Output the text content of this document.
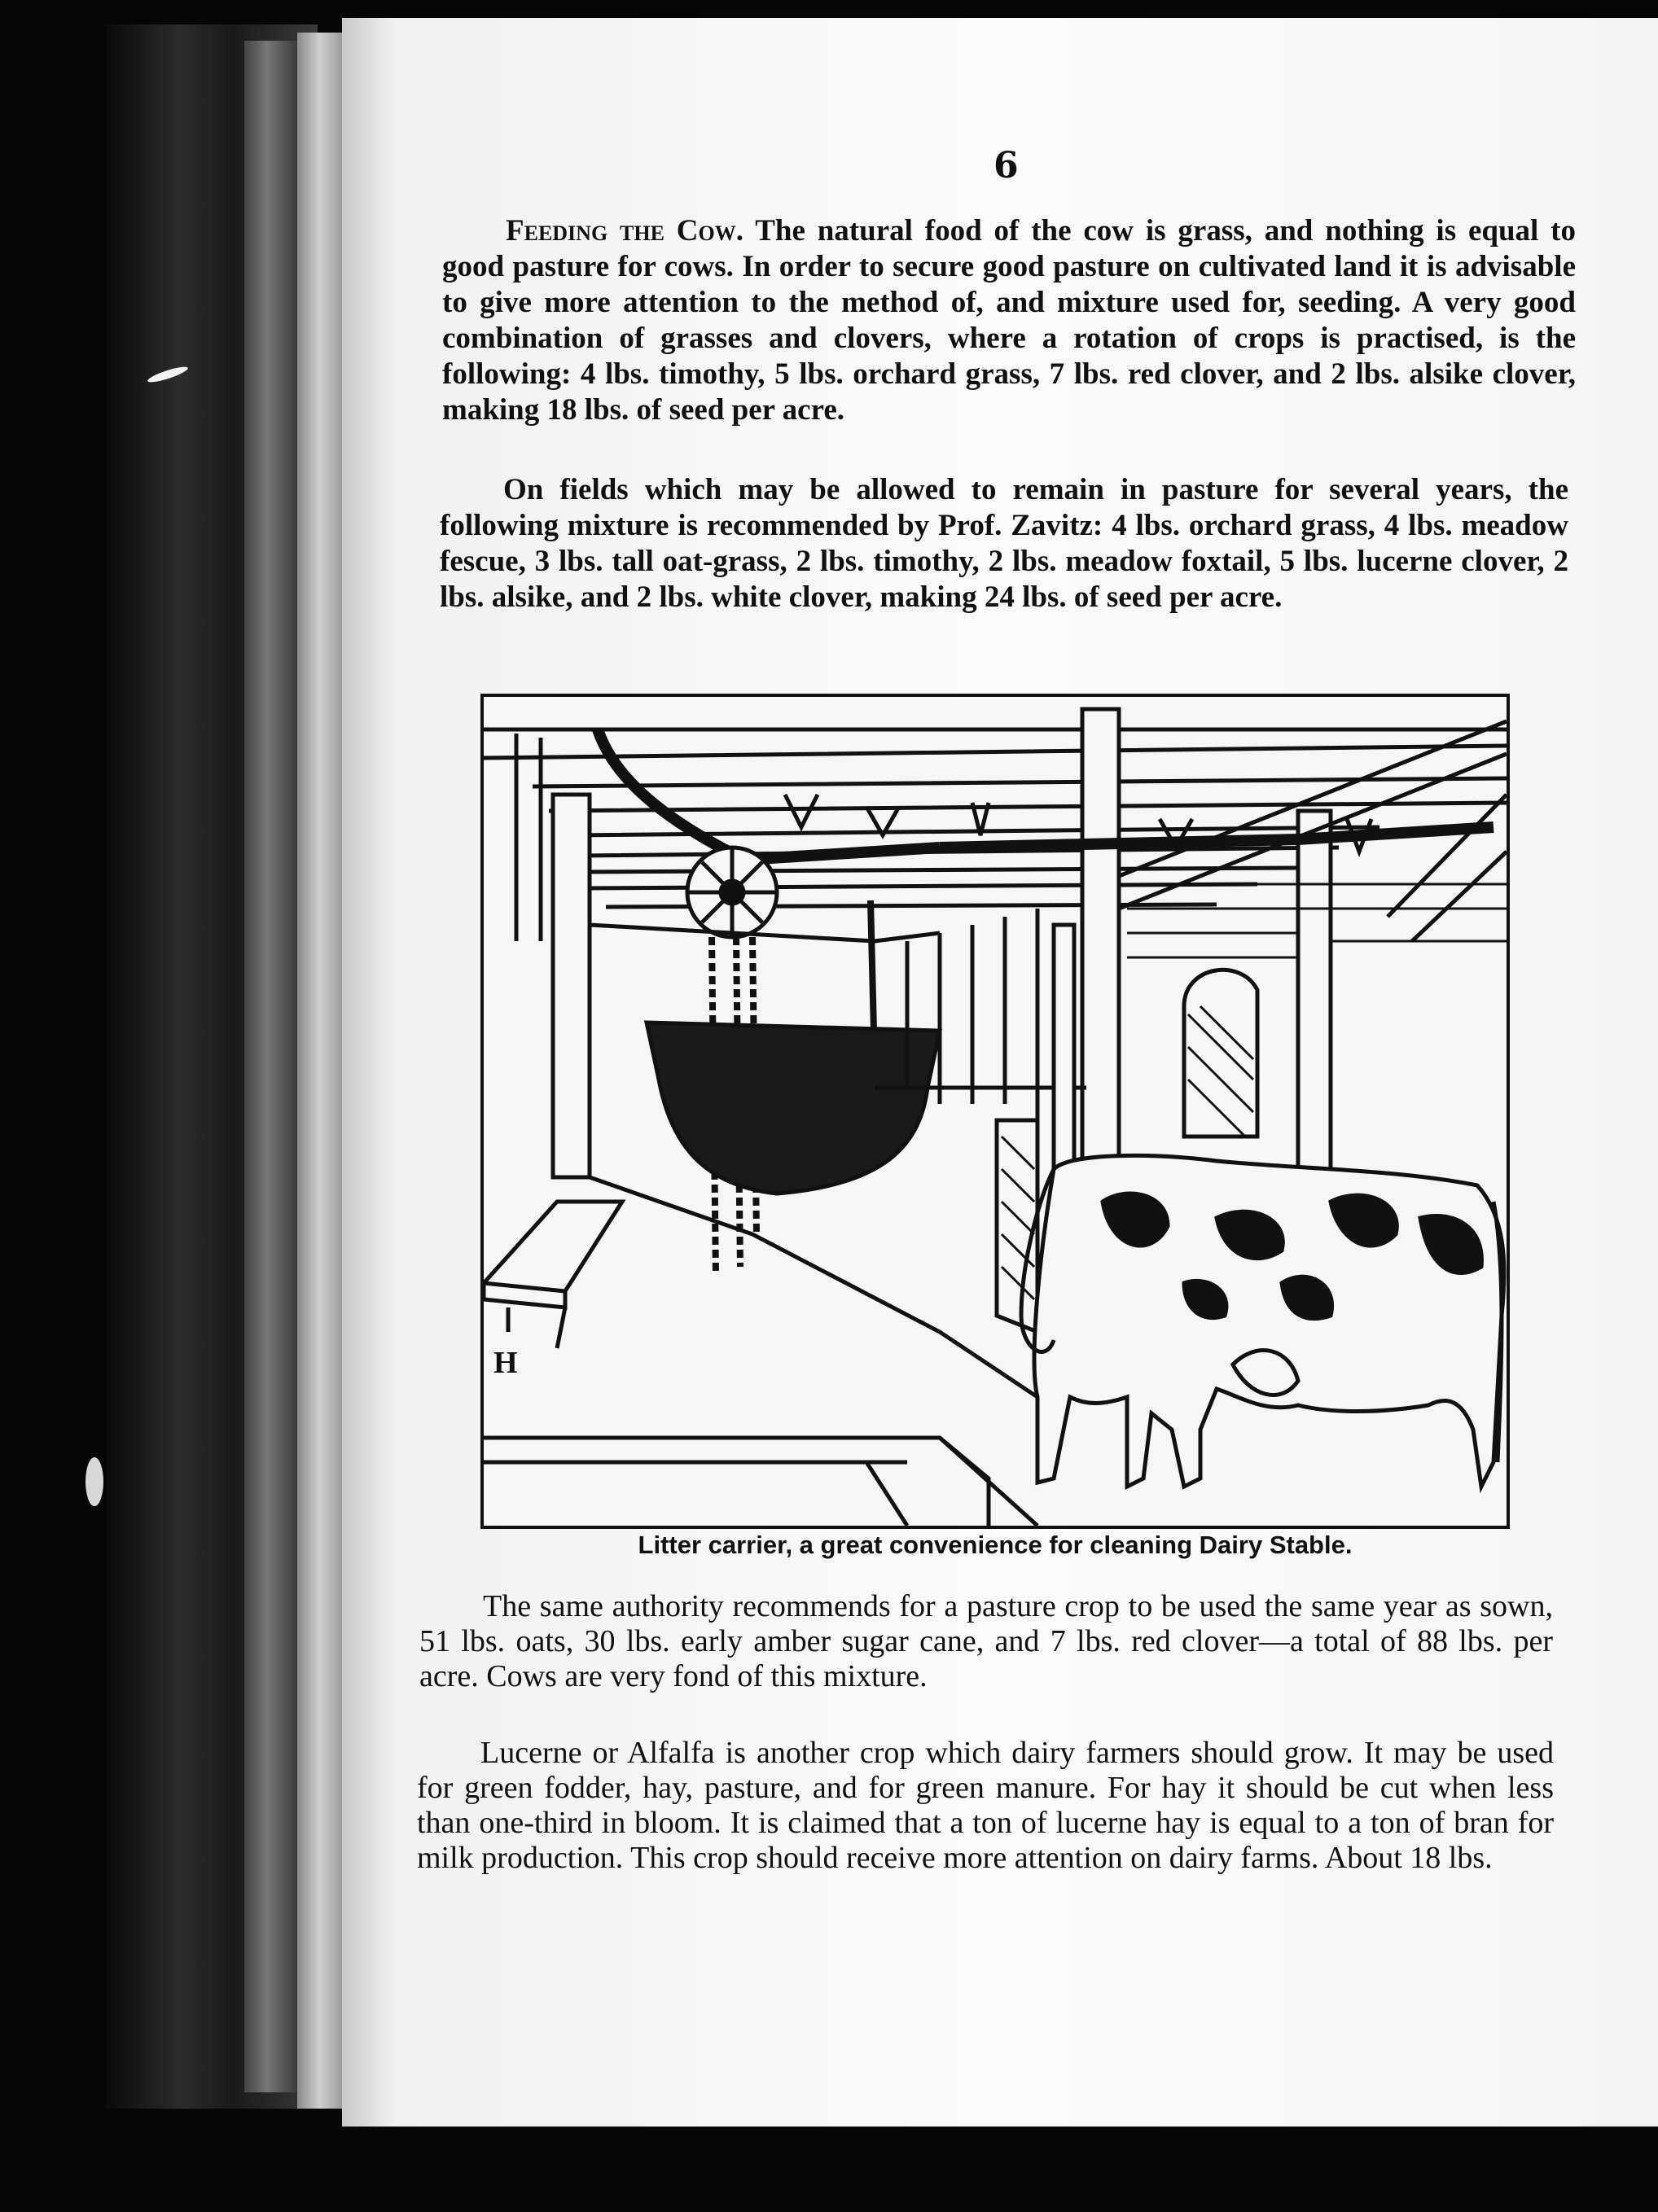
6

Feeding the Cow. The natural food of the cow is grass, and nothing is equal to good pasture for cows. In order to secure good pasture on cultivated land it is advisable to give more attention to the method of, and mixture used for, seeding. A very good combination of grasses and clovers, where a rotation of crops is practised, is the following: 4 lbs. timothy, 5 lbs. orchard grass, 7 lbs. red clover, and 2 lbs. alsike clover, making 18 lbs. of seed per acre.

On fields which may be allowed to remain in pasture for several years, the following mixture is recommended by Prof. Zavitz: 4 lbs. orchard grass, 4 lbs. meadow fescue, 3 lbs. tall oat-grass, 2 lbs. timothy, 2 lbs. meadow foxtail, 5 lbs. lucerne clover, 2 lbs. alsike, and 2 lbs. white clover, making 24 lbs. of seed per acre.

H
Litter carrier, a great convenience for cleaning Dairy Stable.

The same authority recommends for a pasture crop to be used the same year as sown, 51 lbs. oats, 30 lbs. early amber sugar cane, and 7 lbs. red clover—a total of 88 lbs. per acre. Cows are very fond of this mixture.

Lucerne or Alfalfa is another crop which dairy farmers should grow. It may be used for green fodder, hay, pasture, and for green manure. For hay it should be cut when less than one-third in bloom. It is claimed that a ton of lucerne hay is equal to a ton of bran for milk production. This crop should receive more attention on dairy farms. About 18 lbs.
